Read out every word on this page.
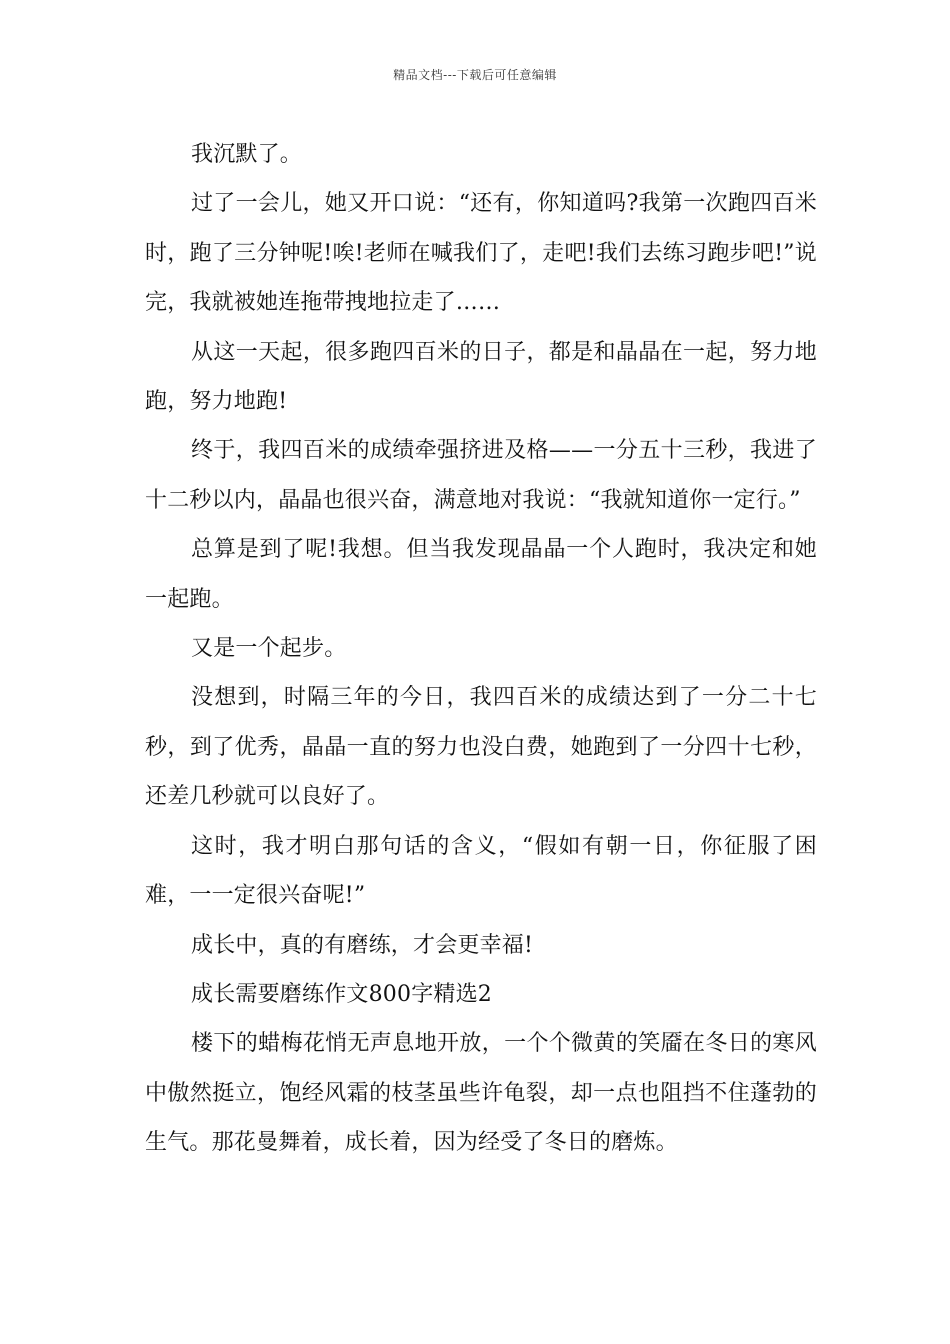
精品文档---下载后可任意编辑

我沉默了。

过了一会儿，她又开口说：“还有，你知道吗?我第一次跑四百米时，跑了三分钟呢!唉!老师在喊我们了，走吧!我们去练习跑步吧!”说完，我就被她连拖带拽地拉走了……

从这一天起，很多跑四百米的日子，都是和晶晶在一起，努力地跑，努力地跑!

终于，我四百米的成绩牵强挤进及格——一分五十三秒，我进了十二秒以内，晶晶也很兴奋，满意地对我说：“我就知道你一定行。”

总算是到了呢!我想。但当我发现晶晶一个人跑时，我决定和她一起跑。

又是一个起步。

没想到，时隔三年的今日，我四百米的成绩达到了一分二十七秒，到了优秀，晶晶一直的努力也没白费，她跑到了一分四十七秒，还差几秒就可以良好了。

这时，我才明白那句话的含义，“假如有朝一日，你征服了困难，一一定很兴奋呢!”

成长中，真的有磨练，才会更幸福!

成长需要磨练作文800字精选2

楼下的蜡梅花悄无声息地开放，一个个微黄的笑靥在冬日的寒风中傲然挺立，饱经风霜的枝茎虽些许龟裂，却一点也阻挡不住蓬勃的生气。那花曼舞着，成长着，因为经受了冬日的磨炼。
